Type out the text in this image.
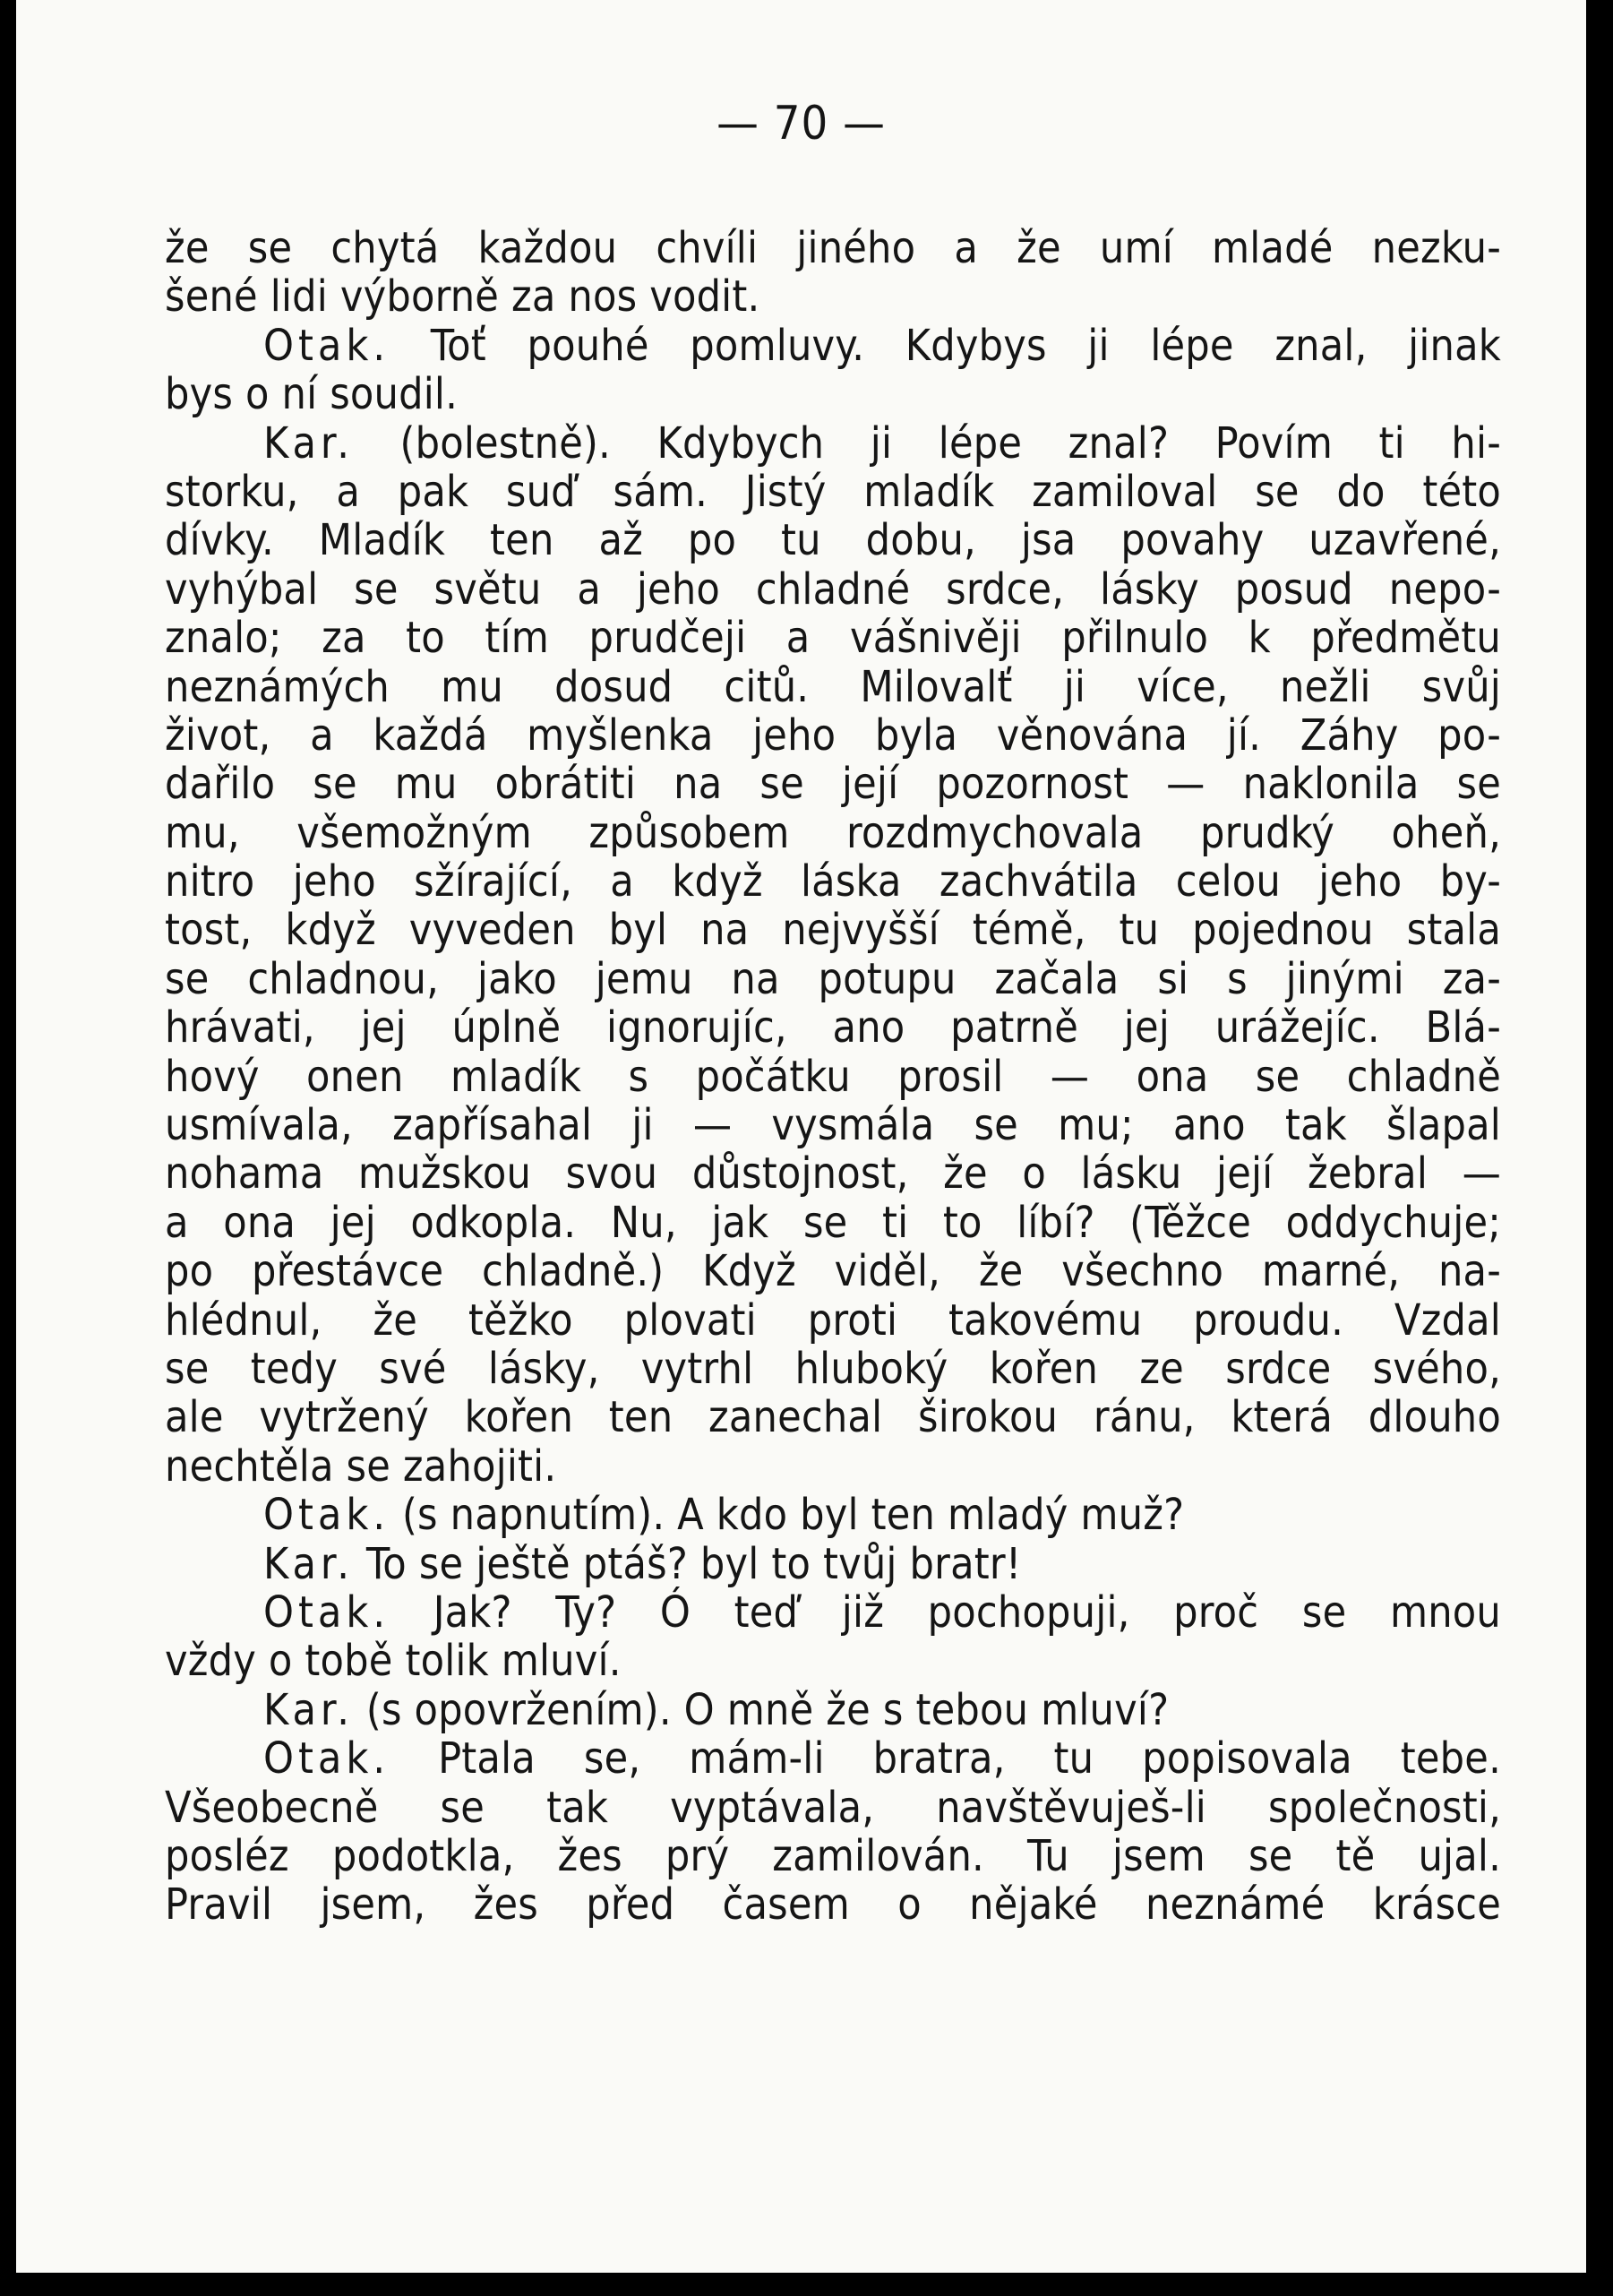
— 70 —
že se chytá každou chvíli jiného a že umí mladé nezku-
šené lidi výborně za nos vodit.
Otak. Toť pouhé pomluvy. Kdybys ji lépe znal, jinak
bys o ní soudil.
Kar. (bolestně). Kdybych ji lépe znal? Povím ti hi-
storku, a pak suď sám. Jistý mladík zamiloval se do této
dívky. Mladík ten až po tu dobu, jsa povahy uzavřené,
vyhýbal se světu a jeho chladné srdce, lásky posud nepo-
znalo; za to tím prudčeji a vášnivěji přilnulo k předmětu
neznámých mu dosud citů. Milovalť ji více, nežli svůj
život, a každá myšlenka jeho byla věnována jí. Záhy po-
dařilo se mu obrátiti na se její pozornost — naklonila se
mu, všemožným způsobem rozdmychovala prudký oheň,
nitro jeho sžírající, a když láska zachvátila celou jeho by-
tost, když vyveden byl na nejvyšší témě, tu pojednou stala
se chladnou, jako jemu na potupu začala si s jinými za-
hrávati, jej úplně ignorujíc, ano patrně jej urážejíc. Blá-
hový onen mladík s počátku prosil — ona se chladně
usmívala, zapřísahal ji — vysmála se mu; ano tak šlapal
nohama mužskou svou důstojnost, že o lásku její žebral —
a ona jej odkopla. Nu, jak se ti to líbí? (Těžce oddychuje;
po přestávce chladně.) Když viděl, že všechno marné, na-
hlédnul, že těžko plovati proti takovému proudu. Vzdal
se tedy své lásky, vytrhl hluboký kořen ze srdce svého,
ale vytržený kořen ten zanechal širokou ránu, která dlouho
nechtěla se zahojiti.
Otak. (s napnutím). A kdo byl ten mladý muž?
Kar. To se ještě ptáš? byl to tvůj bratr!
Otak. Jak? Ty? Ó teď již pochopuji, proč se mnou
vždy o tobě tolik mluví.
Kar. (s opovržením). O mně že s tebou mluví?
Otak. Ptala se, mám-li bratra, tu popisovala tebe.
Všeobecně se tak vyptávala, navštěvuješ-li společnosti,
posléz podotkla, žes prý zamilován. Tu jsem se tě ujal.
Pravil jsem, žes před časem o nějaké neznámé krásce
